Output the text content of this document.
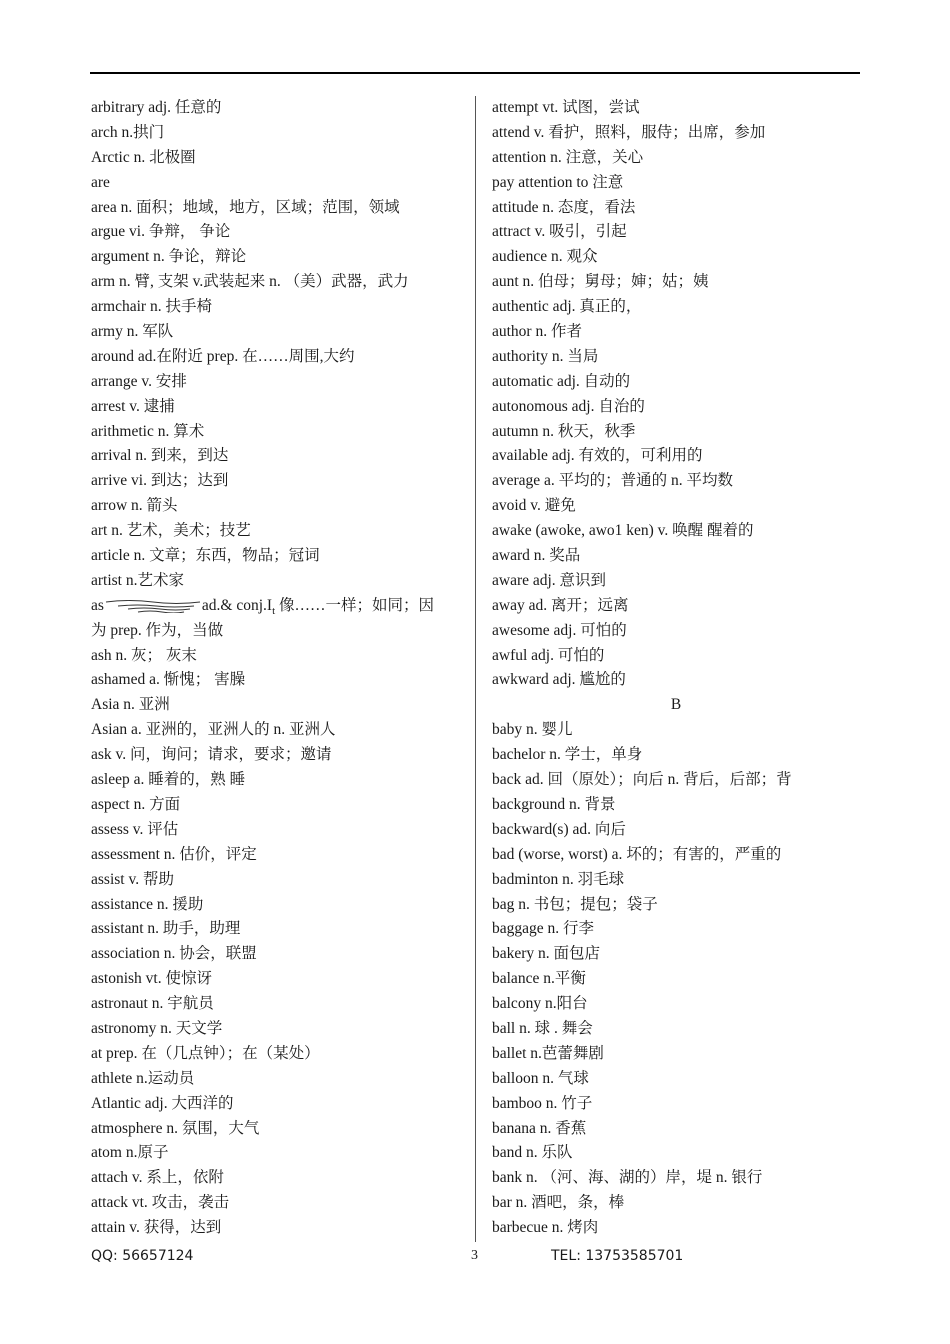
arbitrary adj. 任意的
arch n.拱门
Arctic n. 北极圈
are
area n. 面积；地域，地方，区域；范围，领域
argue vi. 争辩， 争论
argument n. 争论，辩论
arm n. 臂, 支架 v.武装起来 n. （美）武器，武力
armchair n. 扶手椅
army n. 军队
around ad.在附近 prep. 在……周围,大约
arrange v. 安排
arrest v. 逮捕
arithmetic n. 算术
arrival n. 到来，到达
arrive vi. 到达；达到
arrow n. 箭头
art n. 艺术，美术；技艺
article n. 文章；东西，物品；冠词
artist n.艺术家
as	ad.& $conj.I_t$ 像……一样；如同；因
为 prep. 作为，当做
ash n. 灰； 灰末
ashamed a. 惭愧； 害臊
Asia n. 亚洲
Asian a. 亚洲的，亚洲人的 n. 亚洲人
ask v. 问，询问；请求，要求；邀请
asleep a. 睡着的，熟 睡
aspect n. 方面
assess v. 评估
assessment n. 估价，评定
assist v. 帮助
assistance n. 援助
assistant n. 助手，助理
association n. 协会，联盟
astonish vt. 使惊讶
astronaut n. 宇航员
astronomy n. 天文学
at prep. 在（几点钟）；在（某处）
athlete n.运动员
Atlantic adj. 大西洋的
atmosphere n. 氛围，大气
atom n.原子
attach v. 系上，依附
attack vt. 攻击，袭击
attain v. 获得，达到
attempt vt. 试图，尝试
attend v. 看护，照料，服侍；出席，参加
attention n. 注意，关心
pay attention to 注意
attitude n. 态度，看法
attract v. 吸引，引起
audience n. 观众
aunt n. 伯母；舅母；婶；姑；姨
authentic adj. 真正的，
author n. 作者
authority n. 当局
automatic adj. 自动的
autonomous adj. 自治的
autumn n. 秋天，秋季
available adj. 有效的，可利用的
average a. 平均的；普通的 n. 平均数
avoid v. 避免
awake (awoke, awo1 ken) v. 唤醒 醒着的
award n. 奖品
aware adj. 意识到
away ad. 离开；远离
awesome adj. 可怕的
awful adj. 可怕的
awkward adj. 尴尬的
B
baby n. 婴儿
bachelor n. 学士，单身
back ad. 回（原处）；向后 n. 背后，后部；背
background n. 背景
backward(s) ad. 向后
bad (worse, worst) a. 坏的；有害的，严重的
badminton n. 羽毛球
bag n. 书包；提包；袋子
baggage n. 行李
bakery n. 面包店
balance n.平衡
balcony n.阳台
ball n. 球 . 舞会
ballet n.芭蕾舞剧
balloon n. 气球
bamboo n. 竹子
banana n. 香蕉
band n. 乐队
bank n. （河、海、湖的）岸，堤 n. 银行
bar n. 酒吧，条，棒
barbecue n. 烤肉
QQ: 56657124	3	TEL: 13753585701
